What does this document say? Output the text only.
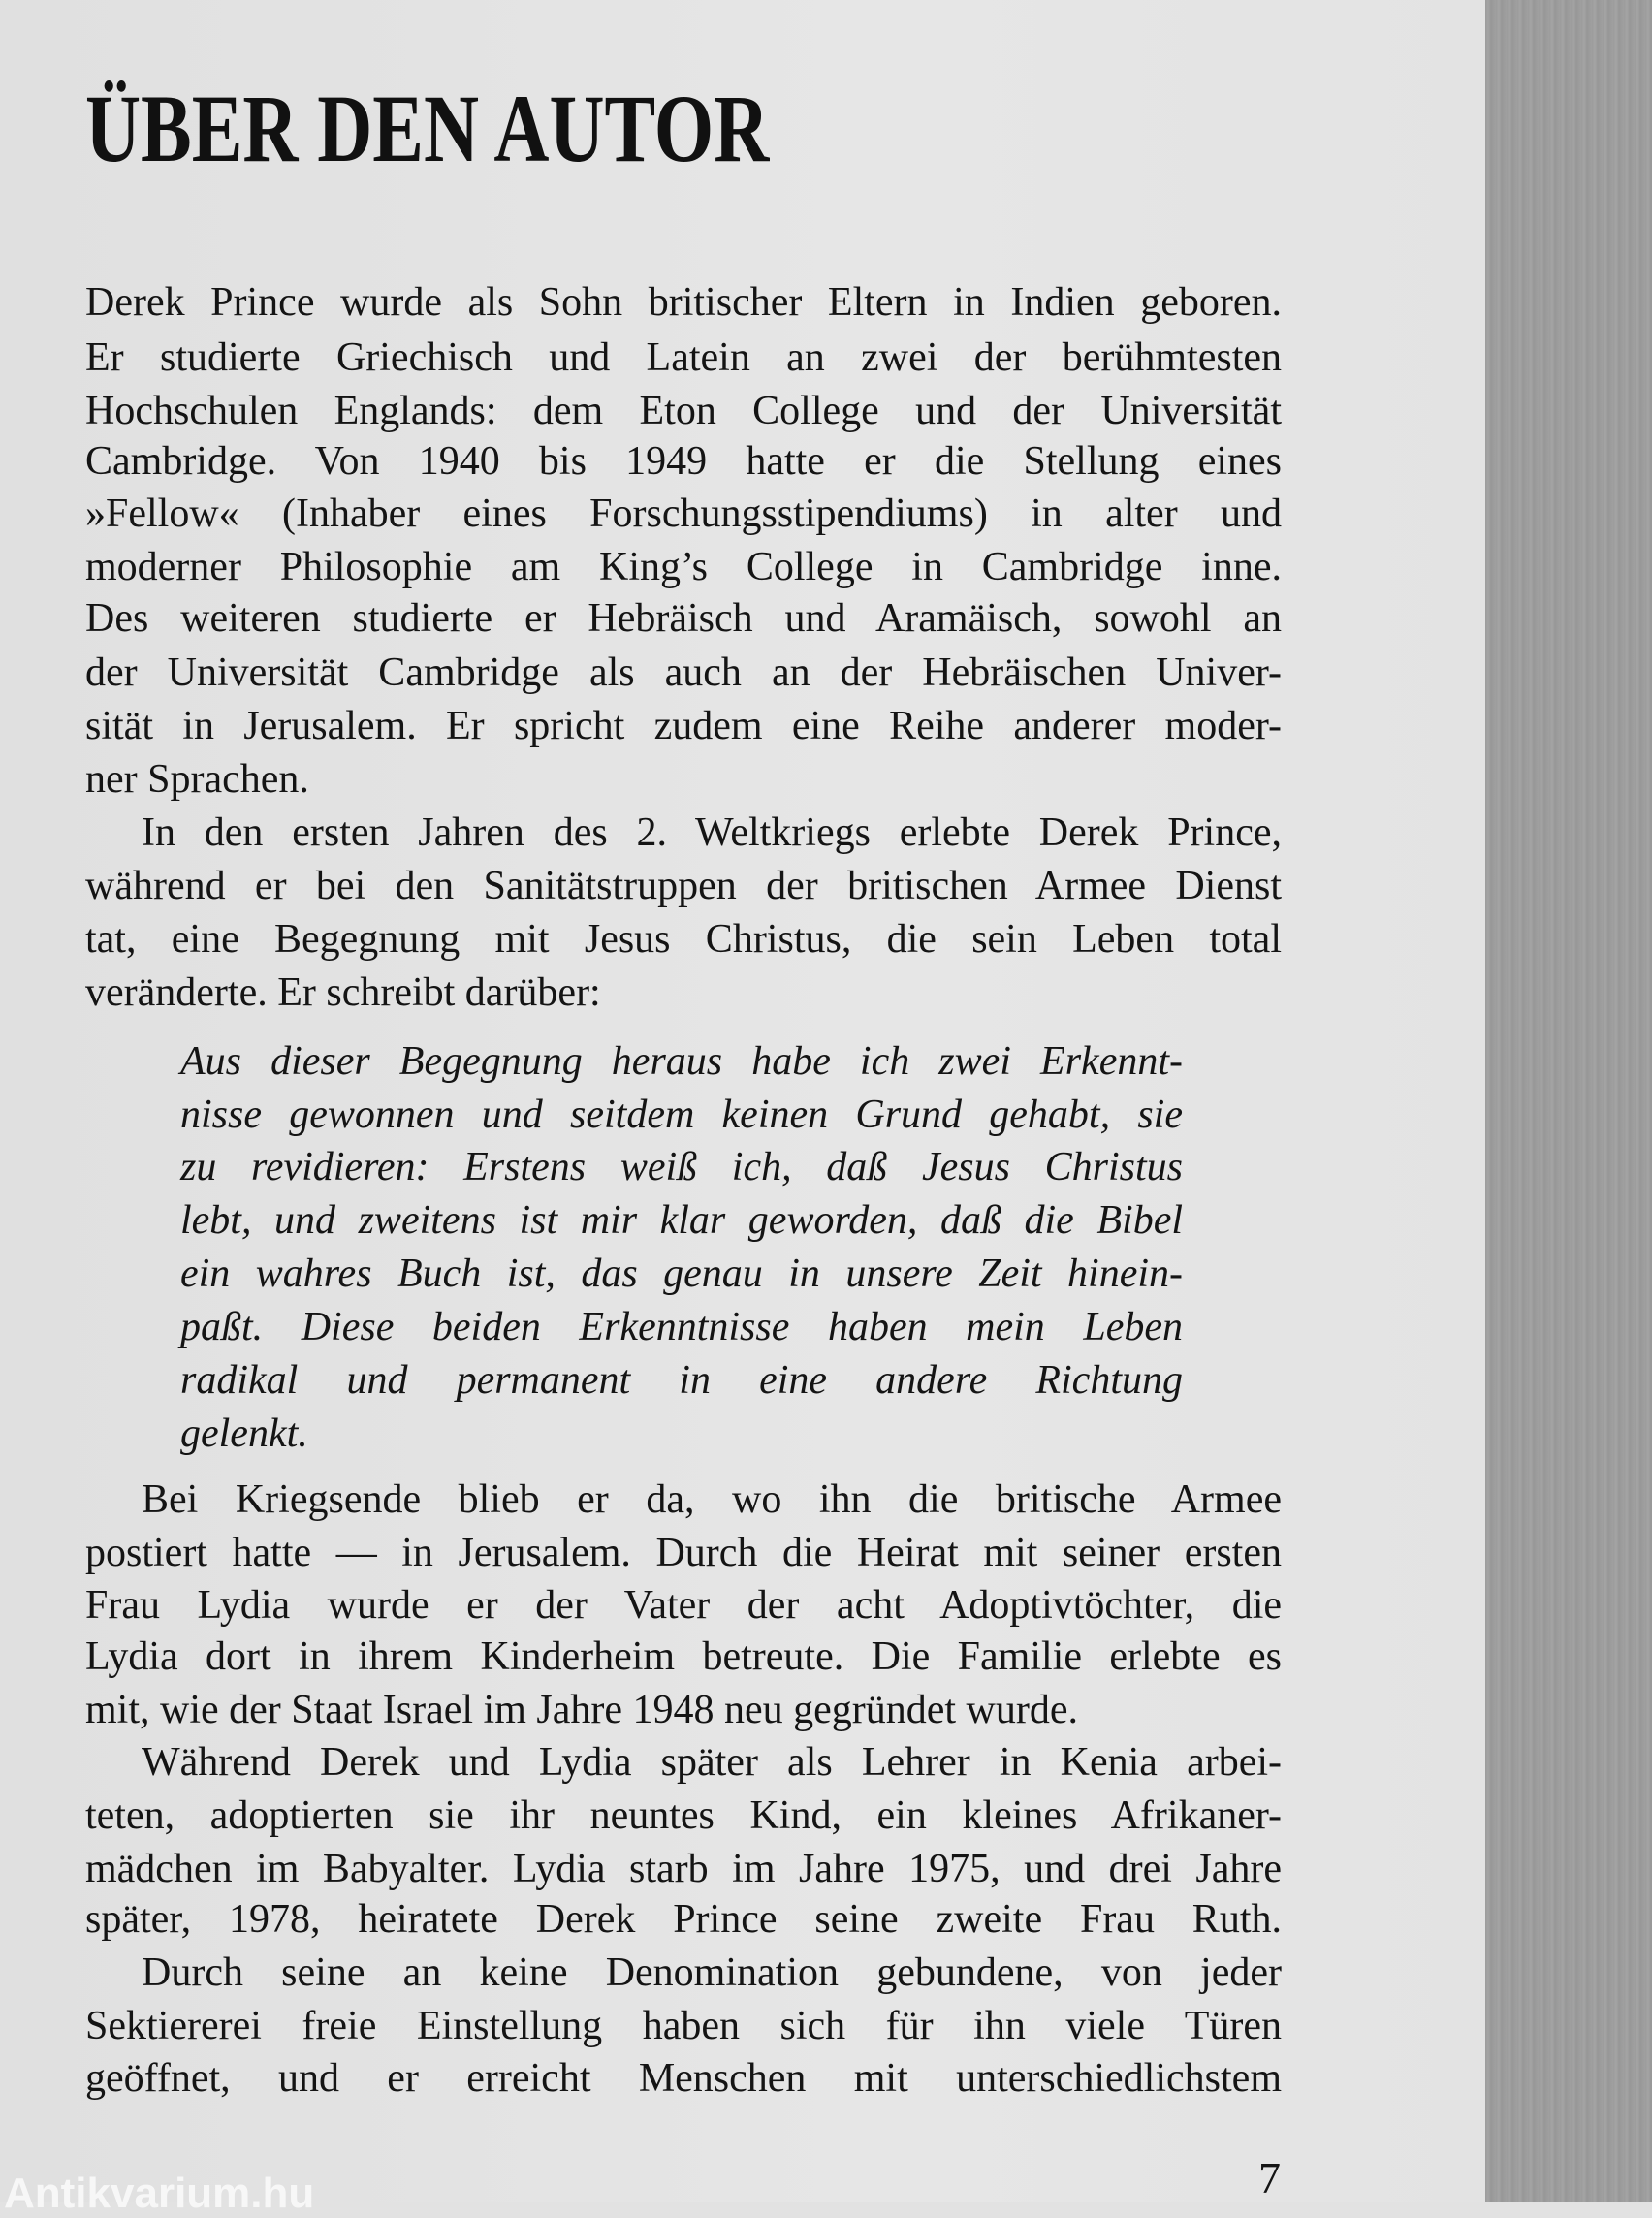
ÜBER DEN AUTOR
Derek Prince wurde als Sohn britischer Eltern in Indien geboren.
Er studierte Griechisch und Latein an zwei der berühmtesten
Hochschulen Englands: dem Eton College und der Universität
Cambridge. Von 1940 bis 1949 hatte er die Stellung eines
»Fellow« (Inhaber eines Forschungsstipendiums) in alter und
moderner Philosophie am King’s College in Cambridge inne.
Des weiteren studierte er Hebräisch und Aramäisch, sowohl an
der Universität Cambridge als auch an der Hebräischen Univer-
sität in Jerusalem. Er spricht zudem eine Reihe anderer moder-
ner Sprachen.
In den ersten Jahren des 2. Weltkriegs erlebte Derek Prince,
während er bei den Sanitätstruppen der britischen Armee Dienst
tat, eine Begegnung mit Jesus Christus, die sein Leben total
veränderte. Er schreibt darüber:
Aus dieser Begegnung heraus habe ich zwei Erkennt-
nisse gewonnen und seitdem keinen Grund gehabt, sie
zu revidieren: Erstens weiß ich, daß Jesus Christus
lebt, und zweitens ist mir klar geworden, daß die Bibel
ein wahres Buch ist, das genau in unsere Zeit hinein-
paßt. Diese beiden Erkenntnisse haben mein Leben
radikal und permanent in eine andere Richtung
gelenkt.
Bei Kriegsende blieb er da, wo ihn die britische Armee
postiert hatte — in Jerusalem. Durch die Heirat mit seiner ersten
Frau Lydia wurde er der Vater der acht Adoptivtöchter, die
Lydia dort in ihrem Kinderheim betreute. Die Familie erlebte es
mit, wie der Staat Israel im Jahre 1948 neu gegründet wurde.
Während Derek und Lydia später als Lehrer in Kenia arbei-
teten, adoptierten sie ihr neuntes Kind, ein kleines Afrikaner-
mädchen im Babyalter. Lydia starb im Jahre 1975, und drei Jahre
später, 1978, heiratete Derek Prince seine zweite Frau Ruth.
Durch seine an keine Denomination gebundene, von jeder
Sektiererei freie Einstellung haben sich für ihn viele Türen
geöffnet, und er erreicht Menschen mit unterschiedlichstem
7
Antikvarium.hu
